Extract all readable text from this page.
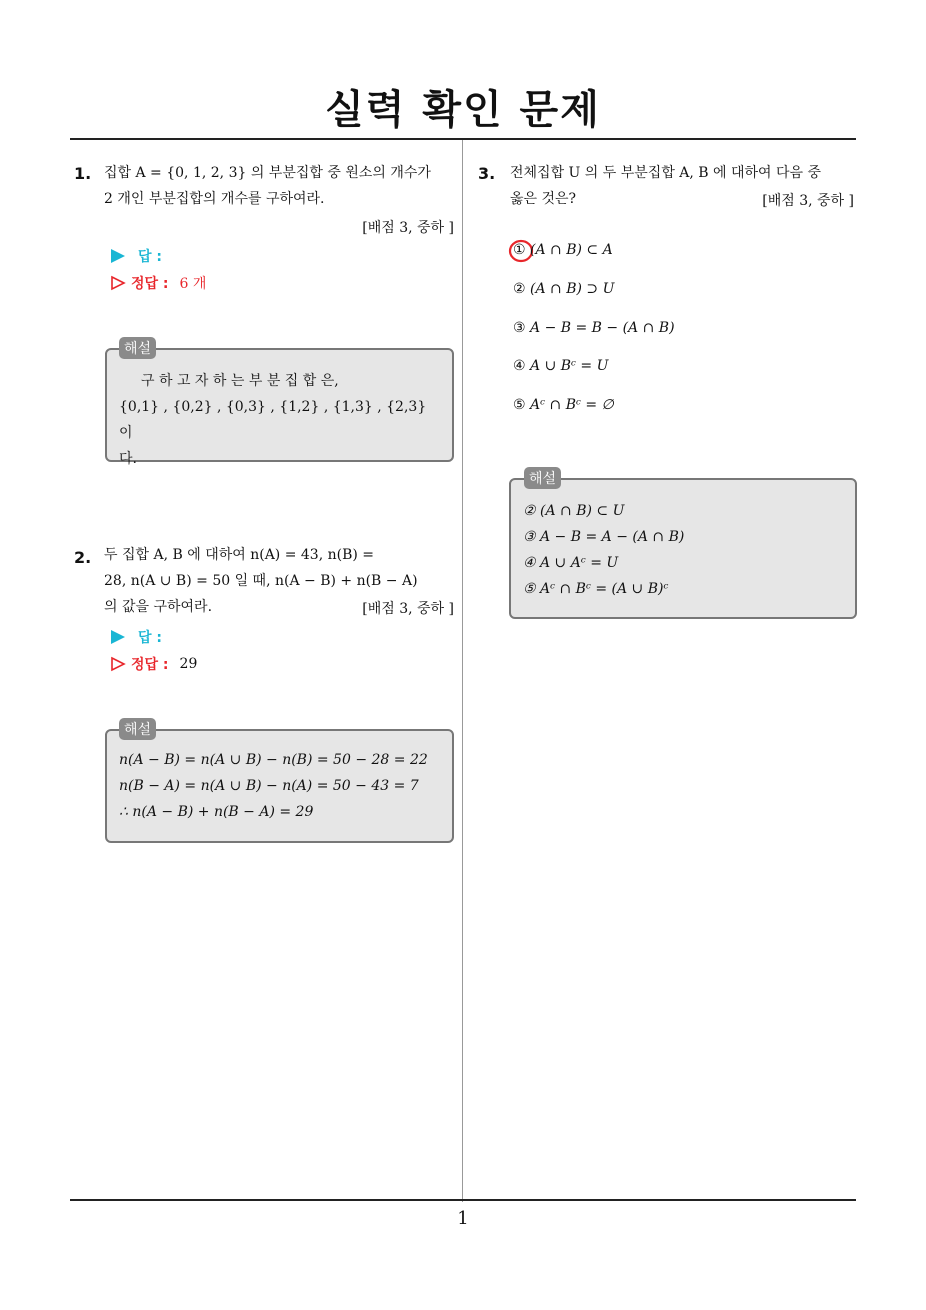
실력 확인 문제
1. 집합 A = {0, 1, 2, 3} 의 부분집합 중 원소의 개수가
2 개인 부분집합의 개수를 구하여라.
[배점 3, 중하 ]
답 :
정답 : 6 개
구 하 고 자 하 는 부 분 집 합 은,
{0,1} , {0,2} , {0,3} , {1,2} , {1,3} , {2,3} 이
다.
해설
2. 두 집합 A, B 에 대하여 n(A) = 43, n(B) =
28, n(A ∪ B) = 50 일 때, n(A − B) + n(B − A)
의 값을 구하여라.	[배점 3, 중하 ]
답 :
정답 : 29
n(A − B) = n(A ∪ B) − n(B) = 50 − 28 = 22
n(B − A) = n(A ∪ B) − n(A) = 50 − 43 = 7
∴ n(A − B) + n(B − A) = 29
해설
3. 전체집합 U 의 두 부분집합 A, B 에 대하여 다음 중
옳은 것은?	[배점 3, 중하 ]
① (A ∩ B) ⊂ A
② (A ∩ B) ⊃ U
③ A − B = B − (A ∩ B)
④ A ∪ Bᶜ = U
⑤ Aᶜ ∩ Bᶜ = ∅
② (A ∩ B) ⊂ U
③ A − B = A − (A ∩ B)
④ A ∪ Aᶜ = U
⑤ Aᶜ ∩ Bᶜ = (A ∪ B)ᶜ
해설
1
